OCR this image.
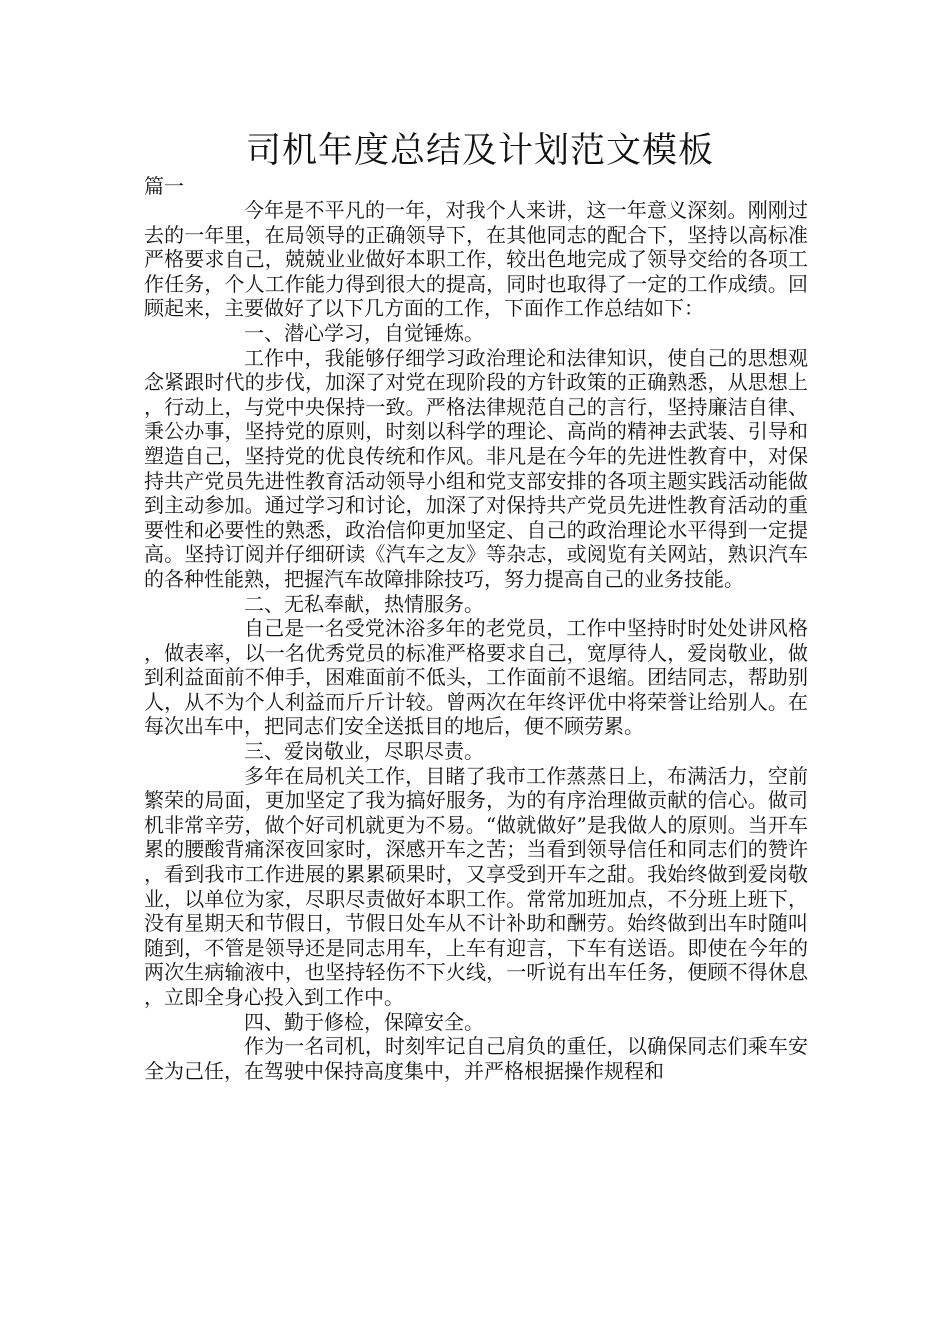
司机年度总结及计划范文模板
篇一

今年是不平凡的一年，对我个人来讲，这一年意义深刻。刚刚过去的一年里，在局领导的正确领导下，在其他同志的配合下，坚持以高标准严格要求自己，兢兢业业做好本职工作，较出色地完成了领导交给的各项工作任务，个人工作能力得到很大的提高，同时也取得了一定的工作成绩。回顾起来，主要做好了以下几方面的工作，下面作工作总结如下：

一、潜心学习，自觉锤炼。

工作中，我能够仔细学习政治理论和法律知识，使自己的思想观念紧跟时代的步伐，加深了对党在现阶段的方针政策的正确熟悉，从思想上，行动上，与党中央保持一致。严格法律规范自己的言行，坚持廉洁自律、秉公办事，坚持党的原则，时刻以科学的理论、高尚的精神去武装、引导和塑造自己，坚持党的优良传统和作风。非凡是在今年的先进性教育中，对保持共产党员先进性教育活动领导小组和党支部安排的各项主题实践活动能做到主动参加。通过学习和讨论，加深了对保持共产党员先进性教育活动的重要性和必要性的熟悉，政治信仰更加坚定、自己的政治理论水平得到一定提高。坚持订阅并仔细研读《汽车之友》等杂志，或阅览有关网站，熟识汽车的各种性能熟，把握汽车故障排除技巧，努力提高自己的业务技能。

二、无私奉献，热情服务。

自己是一名受党沐浴多年的老党员，工作中坚持时时处处讲风格，做表率，以一名优秀党员的标准严格要求自己，宽厚待人，爱岗敬业，做到利益面前不伸手，困难面前不低头，工作面前不退缩。团结同志，帮助别人，从不为个人利益而斤斤计较。曾两次在年终评优中将荣誉让给别人。在每次出车中，把同志们安全送抵目的地后，便不顾劳累。

三、爱岗敬业，尽职尽责。

多年在局机关工作，目睹了我市工作蒸蒸日上，布满活力，空前繁荣的局面，更加坚定了我为搞好服务，为的有序治理做贡献的信心。做司机非常辛劳，做个好司机就更为不易。“做就做好”是我做人的原则。当开车累的腰酸背痛深夜回家时，深感开车之苦；当看到领导信任和同志们的赞许，看到我市工作进展的累累硕果时，又享受到开车之甜。我始终做到爱岗敬业，以单位为家，尽职尽责做好本职工作。常常加班加点，不分班上班下，没有星期天和节假日，节假日处车从不计补助和酬劳。始终做到出车时随叫随到，不管是领导还是同志用车，上车有迎言，下车有送语。即使在今年的两次生病输液中，也坚持轻伤不下火线，一听说有出车任务，便顾不得休息，立即全身心投入到工作中。

四、勤于修检，保障安全。

作为一名司机，时刻牢记自己肩负的重任，以确保同志们乘车安全为己任，在驾驶中保持高度集中，并严格根据操作规程和
